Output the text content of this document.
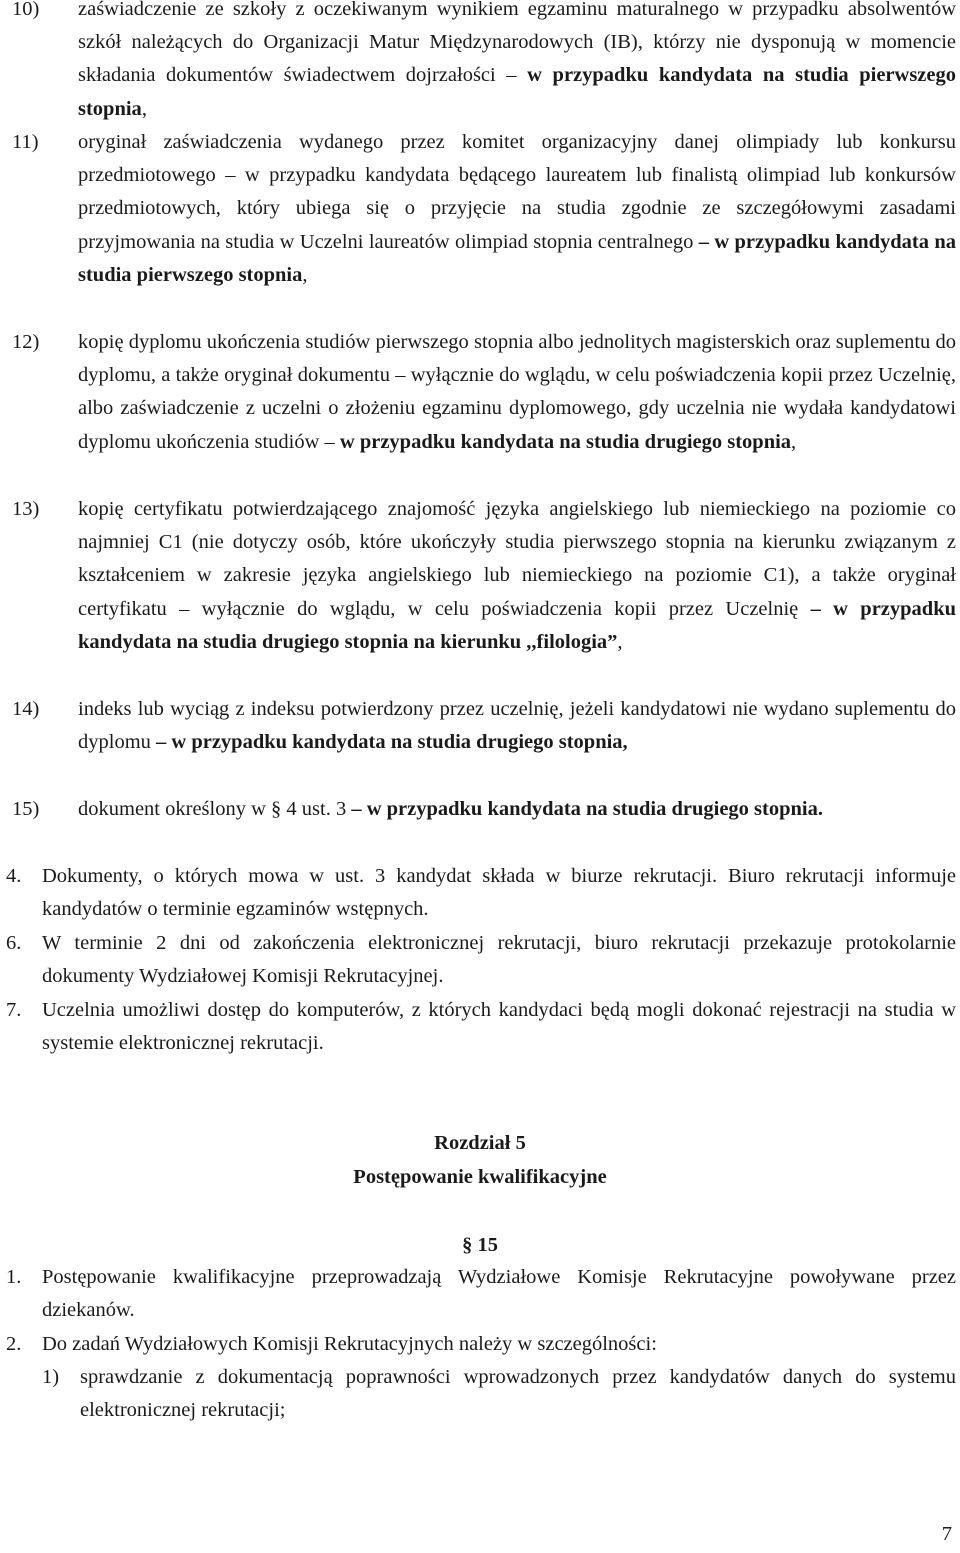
10) zaświadczenie ze szkoły z oczekiwanym wynikiem egzaminu maturalnego w przypadku absolwentów szkół należących do Organizacji Matur Międzynarodowych (IB), którzy nie dysponują w momencie składania dokumentów świadectwem dojrzałości – w przypadku kandydata na studia pierwszego stopnia,
11) oryginał zaświadczenia wydanego przez komitet organizacyjny danej olimpiady lub konkursu przedmiotowego – w przypadku kandydata będącego laureatem lub finalistą olimpiad lub konkursów przedmiotowych, który ubiega się o przyjęcie na studia zgodnie ze szczegółowymi zasadami przyjmowania na studia w Uczelni laureatów olimpiad stopnia centralnego – w przypadku kandydata na studia pierwszego stopnia,
12) kopię dyplomu ukończenia studiów pierwszego stopnia albo jednolitych magisterskich oraz suplementu do dyplomu, a także oryginał dokumentu – wyłącznie do wglądu, w celu poświadczenia kopii przez Uczelnię, albo zaświadczenie z uczelni o złożeniu egzaminu dyplomowego, gdy uczelnia nie wydała kandydatowi dyplomu ukończenia studiów – w przypadku kandydata na studia drugiego stopnia,
13) kopię certyfikatu potwierdzającego znajomość języka angielskiego lub niemieckiego na poziomie co najmniej C1 (nie dotyczy osób, które ukończyły studia pierwszego stopnia na kierunku związanym z kształceniem w zakresie języka angielskiego lub niemieckiego na poziomie C1), a także oryginał certyfikatu – wyłącznie do wglądu, w celu poświadczenia kopii przez Uczelnię – w przypadku kandydata na studia drugiego stopnia na kierunku ,,filologia”,
14) indeks lub wyciąg z indeksu potwierdzony przez uczelnię, jeżeli kandydatowi nie wydano suplementu do dyplomu – w przypadku kandydata na studia drugiego stopnia,
15) dokument określony w § 4 ust. 3 – w przypadku kandydata na studia drugiego stopnia.
4. Dokumenty, o których mowa w ust. 3 kandydat składa w biurze rekrutacji. Biuro rekrutacji informuje kandydatów o terminie egzaminów wstępnych.
6. W terminie 2 dni od zakończenia elektronicznej rekrutacji, biuro rekrutacji przekazuje protokolarnie dokumenty Wydziałowej Komisji Rekrutacyjnej.
7. Uczelnia umożliwi dostęp do komputerów, z których kandydaci będą mogli dokonać rejestracji na studia w systemie elektronicznej rekrutacji.
Rozdział 5
Postępowanie kwalifikacyjne
§ 15
1. Postępowanie kwalifikacyjne przeprowadzają Wydziałowe Komisje Rekrutacyjne powoływane przez dziekanów.
2. Do zadań Wydziałowych Komisji Rekrutacyjnych należy w szczególności:
1) sprawdzanie z dokumentacją poprawności wprowadzonych przez kandydatów danych do systemu elektronicznej rekrutacji;
7
